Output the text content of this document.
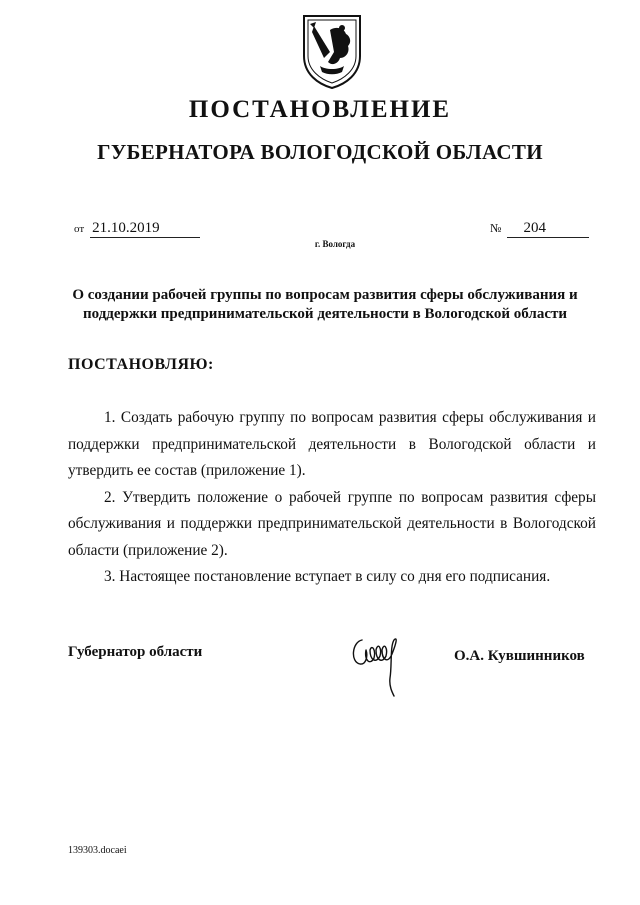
ПОСТАНОВЛЕНИЕ
ГУБЕРНАТОРА ВОЛОГОДСКОЙ ОБЛАСТИ
от 21.10.2019	№ 204
г. Вологда
О создании рабочей группы по вопросам развития сферы обслуживания и поддержки предпринимательской деятельности в Вологодской области
ПОСТАНОВЛЯЮ:

1. Создать рабочую группу по вопросам развития сферы обслуживания и поддержки предпринимательской деятельности в Вологодской области и утвердить ее состав (приложение 1).

2. Утвердить положение о рабочей группе по вопросам развития сферы обслуживания и поддержки предпринимательской деятельности в Вологодской области (приложение 2).

3. Настоящее постановление вступает в силу со дня его подписания.

Губернатор области	О.А. Кувшинников
139303.docaei
